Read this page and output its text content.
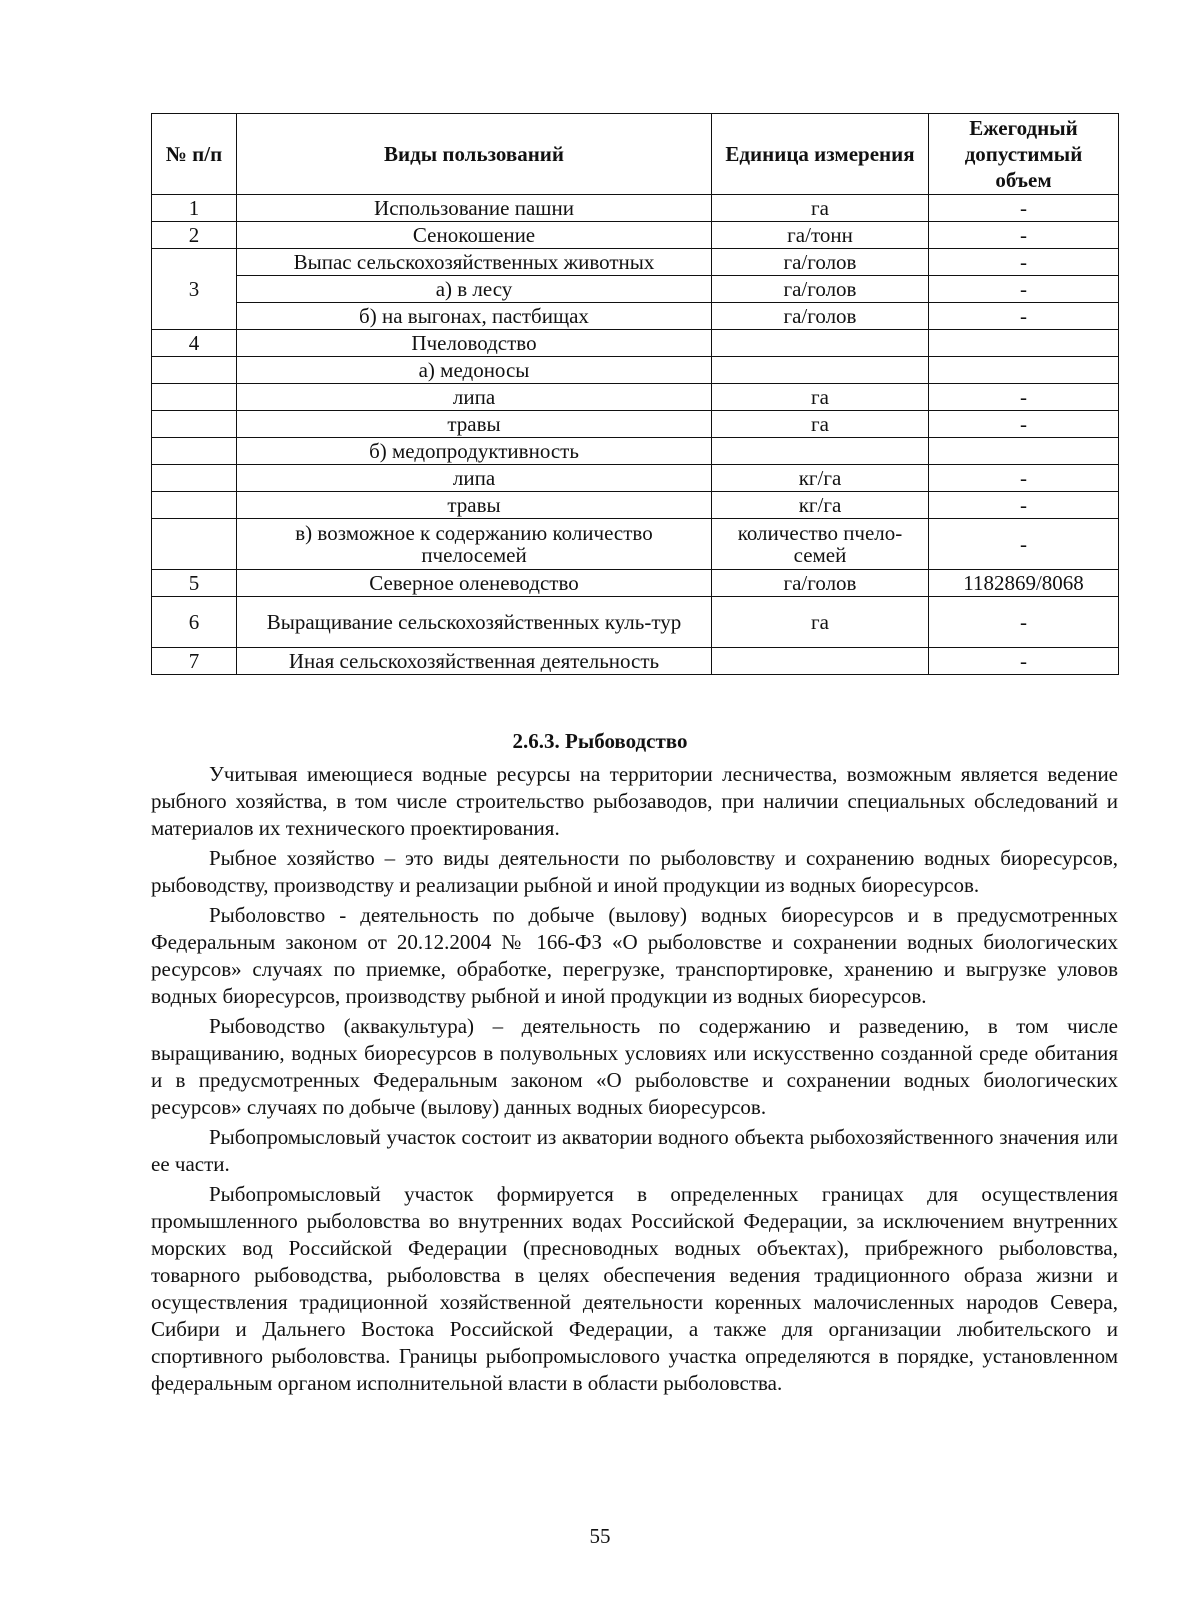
№ п/п	Виды пользований	Единица измерения	Ежегодный допустимый объем
1	Использование пашни	га	-
2	Сенокошение	га/тонн	-
3	Выпас сельскохозяйственных животных	га/голов	-
	а) в лесу	га/голов	-
	б) на выгонах, пастбищах	га/голов	-
4	Пчеловодство		
	а) медоносы		
	липа	га	-
	травы	га	-
	б) медопродуктивность		
	липа	кг/га	-
	травы	кг/га	-
	в) возможное к содержанию количество пчелосемей	количество пчело-семей	-
5	Северное оленеводство	га/голов	1182869/8068
6	Выращивание сельскохозяйственных куль-тур	га	-
7	Иная сельскохозяйственная деятельность		-
2.6.3. Рыбоводство

Учитывая имеющиеся водные ресурсы на территории лесничества, возможным является ведение рыбного хозяйства, в том числе строительство рыбозаводов, при наличии специальных обследований и материалов их технического проектирования.

Рыбное хозяйство – это виды деятельности по рыболовству и сохранению водных биоресурсов, рыбоводству, производству и реализации рыбной и иной продукции из водных биоресурсов.

Рыболовство - деятельность по добыче (вылову) водных биоресурсов и в предусмотренных Федеральным законом от 20.12.2004 № 166-ФЗ «О рыболовстве и сохранении водных биологических ресурсов» случаях по приемке, обработке, перегрузке, транспортировке, хранению и выгрузке уловов водных биоресурсов, производству рыбной и иной продукции из водных биоресурсов.

Рыбоводство (аквакультура) – деятельность по содержанию и разведению, в том числе выращиванию, водных биоресурсов в полувольных условиях или искусственно созданной среде обитания и в предусмотренных Федеральным законом «О рыболовстве и сохранении водных биологических ресурсов» случаях по добыче (вылову) данных водных биоресурсов.

Рыбопромысловый участок состоит из акватории водного объекта рыбохозяйственного значения или ее части.

Рыбопромысловый участок формируется в определенных границах для осуществления промышленного рыболовства во внутренних водах Российской Федерации, за исключением внутренних морских вод Российской Федерации (пресноводных водных объектах), прибрежного рыболовства, товарного рыбоводства, рыболовства в целях обеспечения ведения традиционного образа жизни и осуществления традиционной хозяйственной деятельности коренных малочисленных народов Севера, Сибири и Дальнего Востока Российской Федерации, а также для организации любительского и спортивного рыболовства. Границы рыбопромыслового участка определяются в порядке, установленном федеральным органом исполнительной власти в области рыболовства.

55
